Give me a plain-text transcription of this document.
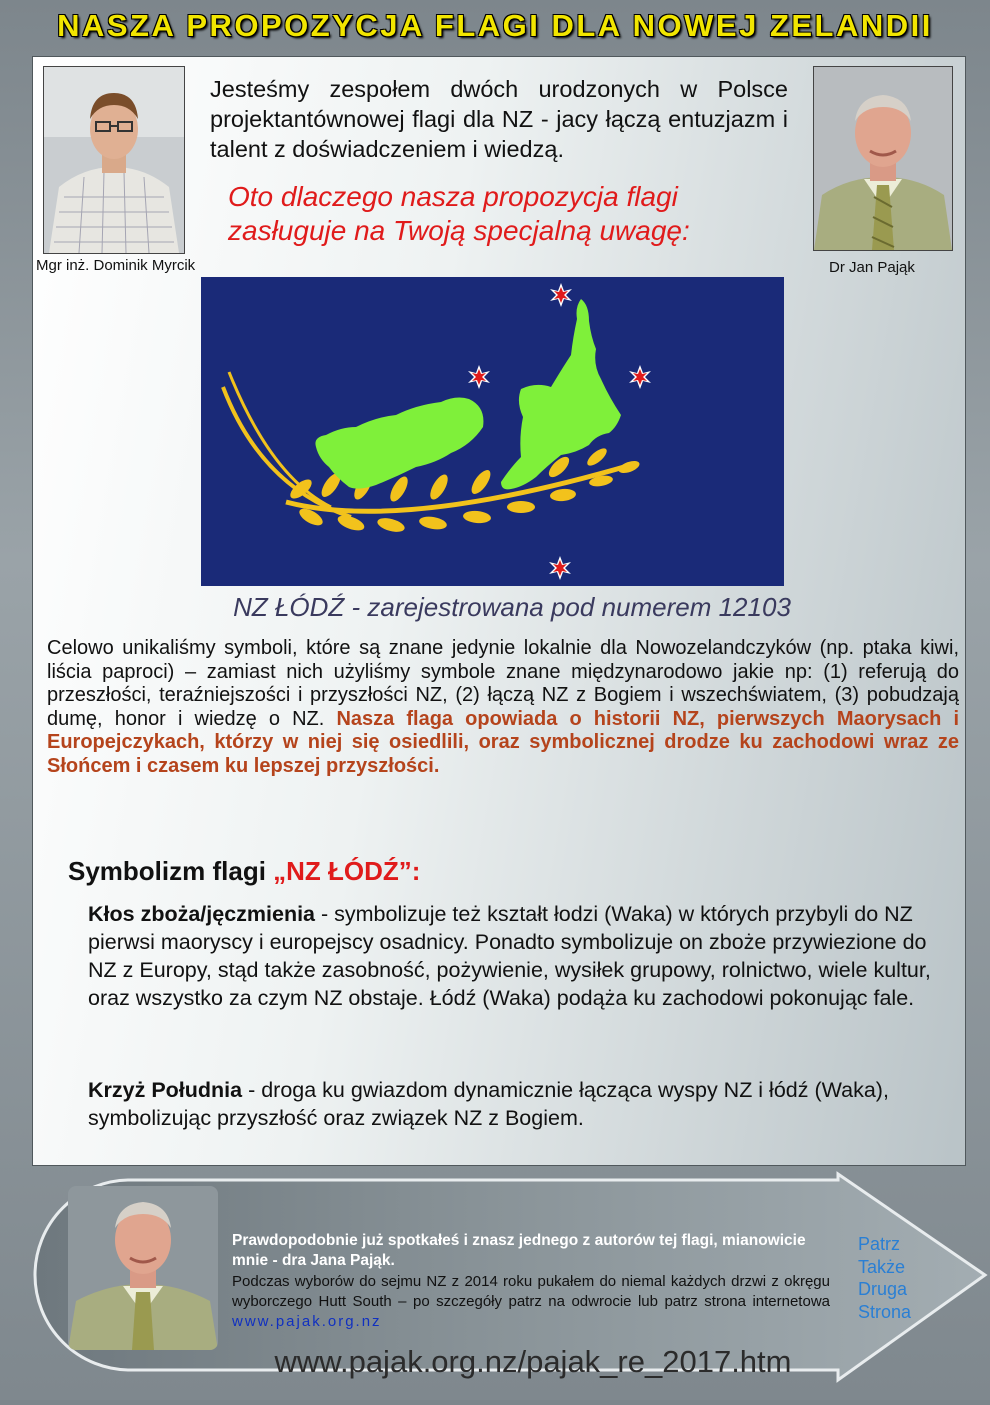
NASZA PROPOZYCJA FLAGI DLA NOWEJ ZELANDII
Mgr inż. Dominik Myrcik	Dr Jan Pająk
Jesteśmy zespołem dwóch urodzonych w Polsce projektantównowej flagi dla NZ - jacy łączą entuzjazm i talent z doświadczeniem i wiedzą.
Oto dlaczego nasza propozycja flagi
zasługuje na Twoją specjalną uwagę:
NZ ŁÓDŹ - zarejestrowana pod numerem 12103
Celowo unikaliśmy symboli, które są znane jedynie lokalnie dla Nowozelandczyków (np. ptaka kiwi, liścia paproci) – zamiast nich użyliśmy symbole znane międzynarodowo jakie np: (1) referują do przeszłości, teraźniejszości i przyszłości NZ, (2) łączą NZ z Bogiem i wszechświatem, (3) pobudzają dumę, honor i wiedzę o NZ. Nasza flaga opowiada o historii NZ, pierwszych Maorysach i Europejczykach, którzy w niej się osiedlili, oraz symbolicznej drodze ku zachodowi wraz ze Słońcem i czasem ku lepszej przyszłości.
Symbolizm flagi „NZ ŁÓDŹ”:
Kłos zboża/jęczmienia - symbolizuje też kształt łodzi (Waka) w których przybyli do NZ pierwsi maoryscy i europejscy osadnicy. Ponadto symbolizuje on zboże przywiezione do NZ z Europy, stąd także zasobność, pożywienie, wysiłek grupowy, rolnictwo, wiele kultur, oraz wszystko za czym NZ obstaje. Łódź (Waka) podąża ku zachodowi pokonując fale.
Krzyż Południa - droga ku gwiazdom dynamicznie łącząca wyspy NZ i łódź (Waka), symbolizując przyszłość oraz związek NZ z Bogiem.
Prawdopodobnie już spotkałeś i znasz jednego z autorów tej flagi, mianowicie mnie - dra Jana Pająk.
Podczas wyborów do sejmu NZ z 2014 roku pukałem do niemal każdych drzwi z okręgu wyborczego Hutt South – po szczegóły patrz na odwrocie lub patrz strona internetowa www.pajak.org.nz
Patrz
Także
Druga
Strona
www.pajak.org.nz/pajak_re_2017.htm
